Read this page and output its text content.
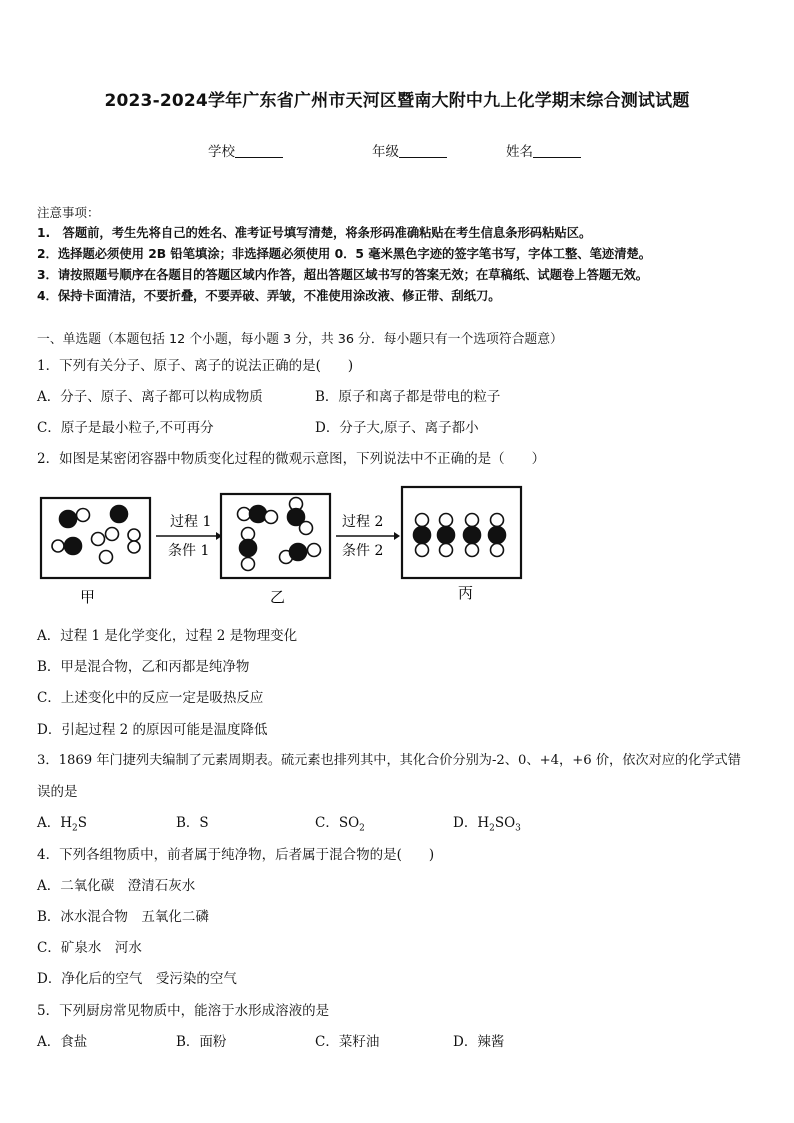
2023-2024学年广东省广州市天河区暨南大附中九上化学期末综合测试试题
学校	年级	姓名
注意事项：
1.　答题前，考生先将自己的姓名、准考证号填写清楚，将条形码准确粘贴在考生信息条形码粘贴区。
2．选择题必须使用 2B 铅笔填涂；非选择题必须使用 0．5 毫米黑色字迹的签字笔书写，字体工整、笔迹清楚。
3．请按照题号顺序在各题目的答题区域内作答，超出答题区域书写的答案无效；在草稿纸、试题卷上答题无效。
4．保持卡面清洁，不要折叠，不要弄破、弄皱，不准使用涂改液、修正带、刮纸刀。
一、单选题（本题包括 12 个小题，每小题 3 分，共 36 分．每小题只有一个选项符合题意）
1．下列有关分子、原子、离子的说法正确的是(　　)
A．分子、原子、离子都可以构成物质	B．原子和离子都是带电的粒子
C．原子是最小粒子,不可再分	D．分子大,原子、离子都小
2．如图是某密闭容器中物质变化过程的微观示意图，下列说法中不正确的是（　　）
甲
过程 1
条件 1
乙
过程 2
条件 2
丙
A．过程 1 是化学变化，过程 2 是物理变化
B．甲是混合物，乙和丙都是纯净物
C．上述变化中的反应一定是吸热反应
D．引起过程 2 的原因可能是温度降低
3．1869 年门捷列夫编制了元素周期表。硫元素也排列其中，其化合价分别为-2、0、+4，+6 价，依次对应的化学式错
误的是
A．$H_2S$	B．S	C．$SO_2$	D．$H_2SO_3$
4．下列各组物质中，前者属于纯净物，后者属于混合物的是(　　)
A．二氧化碳　澄清石灰水
B．冰水混合物　五氧化二磷
C．矿泉水　河水
D．净化后的空气　受污染的空气
5．下列厨房常见物质中，能溶于水形成溶液的是
A．食盐	B．面粉	C．菜籽油	D．辣酱
